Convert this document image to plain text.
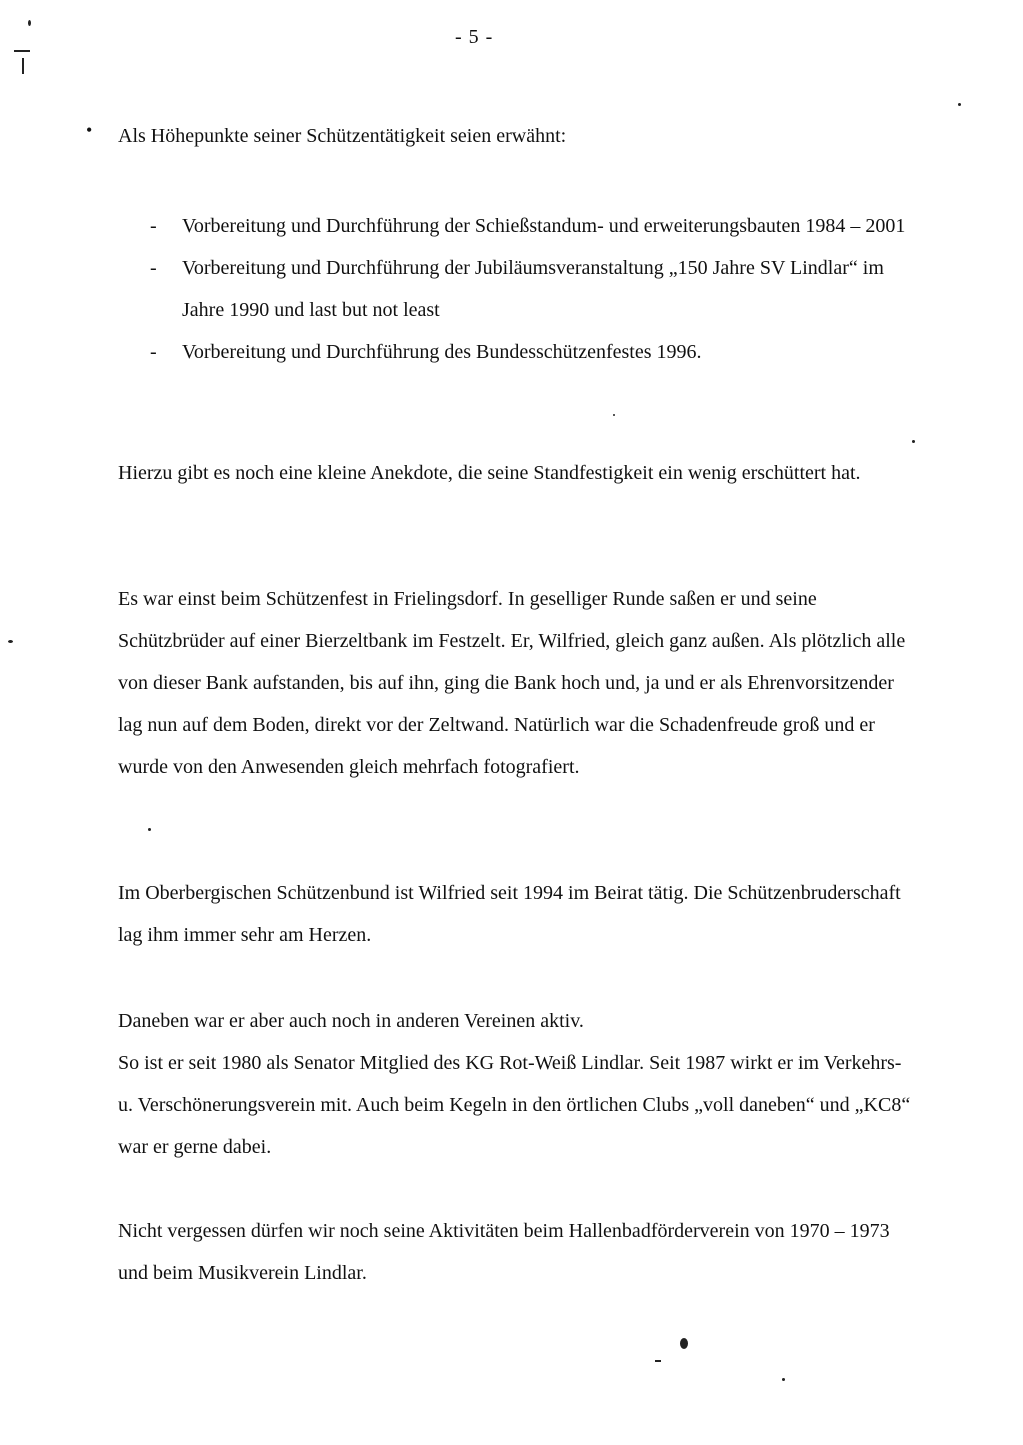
- 5 -
• Als Höhepunkte seiner Schützentätigkeit seien erwähnt:

- Vorbereitung und Durchführung der Schießstandum- und erweiterungsbauten 1984 – 2001
- Vorbereitung und Durchführung der Jubiläumsveranstaltung „150 Jahre SV Lindlar“ im Jahre 1990 und last but not least
- Vorbereitung und Durchführung des Bundesschützenfestes 1996.

Hierzu gibt es noch eine kleine Anekdote, die seine Standfestigkeit ein wenig erschüttert hat.

Es war einst beim Schützenfest in Frielingsdorf. In geselliger Runde saßen er und seine Schützbrüder auf einer Bierzeltbank im Festzelt. Er, Wilfried, gleich ganz außen. Als plötzlich alle von dieser Bank aufstanden, bis auf ihn, ging die Bank hoch und, ja und er als Ehrenvorsitzender lag nun auf dem Boden, direkt vor der Zeltwand. Natürlich war die Schadenfreude groß und er wurde von den Anwesenden gleich mehrfach fotografiert.

Im Oberbergischen Schützenbund ist Wilfried seit 1994 im Beirat tätig. Die Schützenbruderschaft lag ihm immer sehr am Herzen.

Daneben war er aber auch noch in anderen Vereinen aktiv.
So ist er seit 1980 als Senator Mitglied des KG Rot-Weiß Lindlar. Seit 1987 wirkt er im Verkehrs- u. Verschönerungsverein mit. Auch beim Kegeln in den örtlichen Clubs „voll daneben“ und „KC8“ war er gerne dabei.

Nicht vergessen dürfen wir noch seine Aktivitäten beim Hallenbadförderverein von 1970 – 1973 und beim Musikverein Lindlar.
